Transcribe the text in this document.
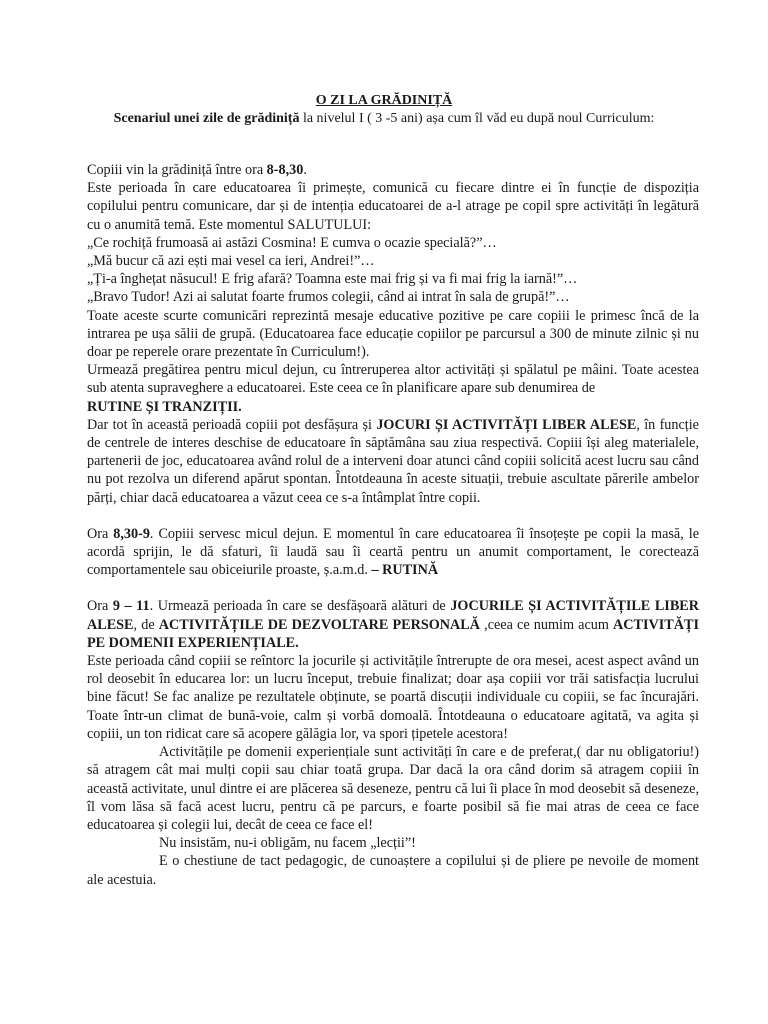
O ZI LA GRĂDINIȚĂ
Scenariul unei zile de grădiniță la nivelul I ( 3 -5 ani) așa cum îl văd eu după noul Curriculum:

Copiii vin la grădiniță între ora 8-8,30.

Este perioada în care educatoarea îi primește, comunică cu fiecare dintre ei în funcție de dispoziția copilului pentru comunicare, dar și de intenția educatoarei de a-l atrage pe copil spre activități în legătură cu o anumită temă. Este momentul SALUTULUI:

„Ce rochiță frumoasă ai astăzi Cosmina! E cumva o ocazie specială?”…

„Mă bucur că azi ești mai vesel ca ieri, Andrei!”…

„Ți-a înghețat năsucul! E frig afară? Toamna este mai frig și va fi mai frig la iarnă!”…

„Bravo Tudor! Azi ai salutat foarte frumos colegii, când ai intrat în sala de grupă!”…

Toate aceste scurte comunicări reprezintă mesaje educative pozitive pe care copiii le primesc încă de la intrarea pe ușa sălii de grupă. (Educatoarea face educație copiilor pe parcursul a 300 de minute zilnic și nu doar pe reperele orare prezentate în Curriculum!).

Urmează pregătirea pentru micul dejun, cu întreruperea altor activități și spălatul pe mâini. Toate acestea sub atenta supraveghere a educatoarei. Este ceea ce în planificare apare sub denumirea de
RUTINE ȘI TRANZIȚII.

Dar tot în această perioadă copiii pot desfășura și JOCURI ȘI ACTIVITĂȚI LIBER ALESE, în funcție de centrele de interes deschise de educatoare în săptămâna sau ziua respectivă. Copiii își aleg materialele, partenerii de joc, educatoarea având rolul de a interveni doar atunci când copiii solicită acest lucru sau când nu pot rezolva un diferend apărut spontan. Întotdeauna în aceste situații, trebuie ascultate părerile ambelor părți, chiar dacă educatoarea a văzut ceea ce s-a întâmplat între copii.

Ora 8,30-9. Copiii servesc micul dejun. E momentul în care educatoarea îi însoțește pe copii la masă, le acordă sprijin, le dă sfaturi, îi laudă sau îi ceartă pentru un anumit comportament, le corectează comportamentele sau obiceiurile proaste, ș.a.m.d. – RUTINĂ

Ora 9 – 11. Urmează perioada în care se desfășoară alături de JOCURILE ȘI ACTIVITĂȚILE LIBER ALESE, de ACTIVITĂȚILE DE DEZVOLTARE PERSONALĂ ,ceea ce numim acum ACTIVITĂȚI PE DOMENII EXPERIENȚIALE.

Este perioada când copiii se reîntorc la jocurile și activitățile întrerupte de ora mesei, acest aspect având un rol deosebit în educarea lor: un lucru început, trebuie finalizat; doar așa copiii vor trăi satisfacția lucrului bine făcut! Se fac analize pe rezultatele obținute, se poartă discuții individuale cu copiii, se fac încurajări. Toate într-un climat de bună-voie, calm și vorbă domoală. Întotdeauna o educatoare agitată, va agita și copiii, un ton ridicat care să acopere gălăgia lor, va spori țipetele acestora!

Activitățile pe domenii experiențiale sunt activități în care e de preferat,( dar nu obligatoriu!) să atragem cât mai mulți copii sau chiar toată grupa. Dar dacă la ora când dorim să atragem copiii în această activitate, unul dintre ei are plăcerea să deseneze, pentru că lui îi place în mod deosebit să deseneze, îl vom lăsa să facă acest lucru, pentru că pe parcurs, e foarte posibil să fie mai atras de ceea ce face educatoarea și colegii lui, decât de ceea ce face el!

Nu insistăm, nu-i obligăm, nu facem „lecții”!

E o chestiune de tact pedagogic, de cunoaștere a copilului și de pliere pe nevoile de moment ale acestuia.
